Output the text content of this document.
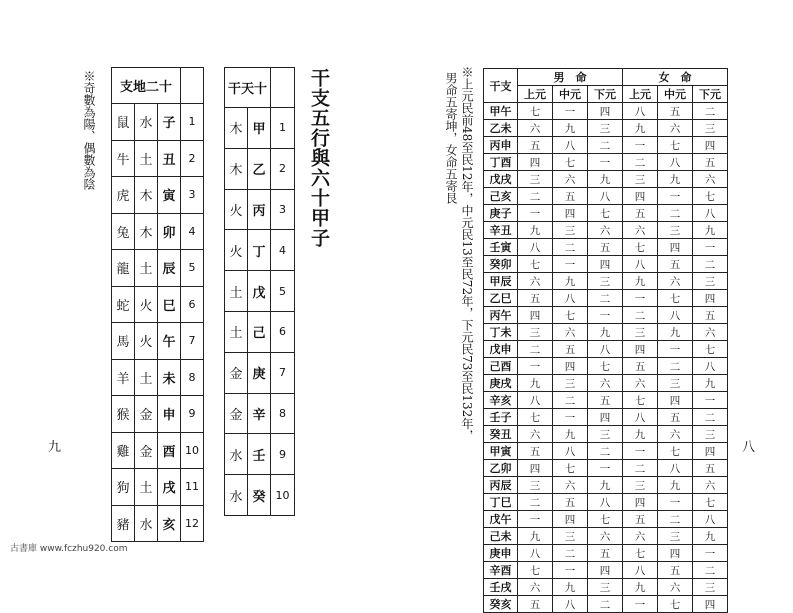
※奇數為陽、偶數為陰 支地二十			
鼠	水	子	1
牛	土	丑	2
虎	木	寅	3
兔	木	卯	4
龍	土	辰	5
蛇	火	巳	6
馬	火	午	7
羊	土	未	8
猴	金	申	9
雞	金	酉	10
狗	土	戌	11
豬	水	亥	12
干天十		
木	甲	1
木	乙	2
火	丙	3
火	丁	4
土	戊	5
土	己	6
金	庚	7
金	辛	8
水	壬	9
水	癸	10
干支五行與六十甲子
九
古書庫 www.fczhu920.com
※上元民前48至民12年，中元民13至民72年，下元民73至民132年，
男命五寄坤，女命五寄艮	干支	男　命			女　命		
	上元	中元	下元	上元	中元	下元
甲午	七	一	四	八	五	二
乙未	六	九	三	九	六	三
丙申	五	八	二	一	七	四
丁酉	四	七	一	二	八	五
戊戌	三	六	九	三	九	六
己亥	二	五	八	四	一	七
庚子	一	四	七	五	二	八
辛丑	九	三	六	六	三	九
壬寅	八	二	五	七	四	一
癸卯	七	一	四	八	五	二
甲辰	六	九	三	九	六	三
乙巳	五	八	二	一	七	四
丙午	四	七	一	二	八	五
丁未	三	六	九	三	九	六
戊申	二	五	八	四	一	七
己酉	一	四	七	五	二	八
庚戌	九	三	六	六	三	九
辛亥	八	二	五	七	四	一
壬子	七	一	四	八	五	二
癸丑	六	九	三	九	六	三
甲寅	五	八	二	一	七	四
乙卯	四	七	一	二	八	五
丙辰	三	六	九	三	九	六
丁巳	二	五	八	四	一	七
戊午	一	四	七	五	二	八
己未	九	三	六	六	三	九
庚申	八	二	五	七	四	一
辛酉	七	一	四	八	五	二
壬戌	六	九	三	九	六	三
癸亥	五	八	二	一	七	四
八
